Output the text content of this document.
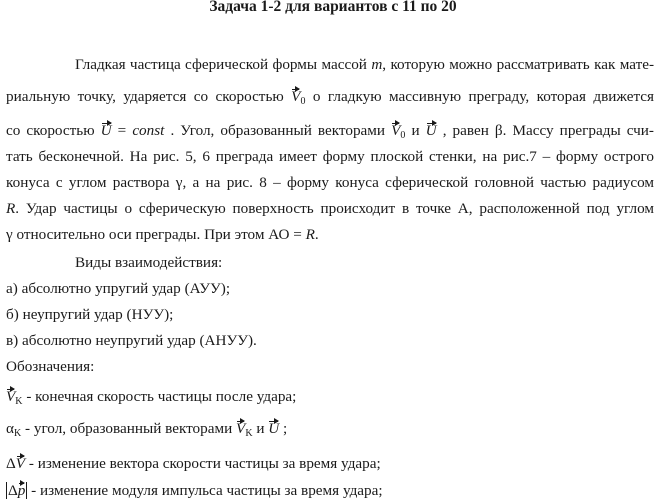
Задача 1-2 для вариантов с 11 по 20
Гладкая частица сферической формы массой m, которую можно рассматривать как мате-
риальную точку, ударяется со скоростью $V_0$ о гладкую массивную преграду, которая движется
со скоростью U = const . Угол, образованный векторами $V_0$ и U , равен β. Массу преграды счи-
тать бесконечной. На рис. 5, 6 преграда имеет форму плоской стенки, на рис.7 – форму острого
конуса с углом раствора γ, а на рис. 8 – форму конуса сферической головной частью радиусом
R. Удар частицы о сферическую поверхность происходит в точке А, расположенной под углом
γ относительно оси преграды. При этом АО = R.
Виды взаимодействия:
а) абсолютно упругий удар (АУУ);
б) неупругий удар (НУУ);
в) абсолютно неупругий удар (АНУУ).
Обозначения:
$V_K$ - конечная скорость частицы после удара;
$\alpha_K$ - угол, образованный векторами $V_K$ и U ;
ΔV - изменение вектора скорости частицы за время удара;
Δp - изменение модуля импульса частицы за время удара;
